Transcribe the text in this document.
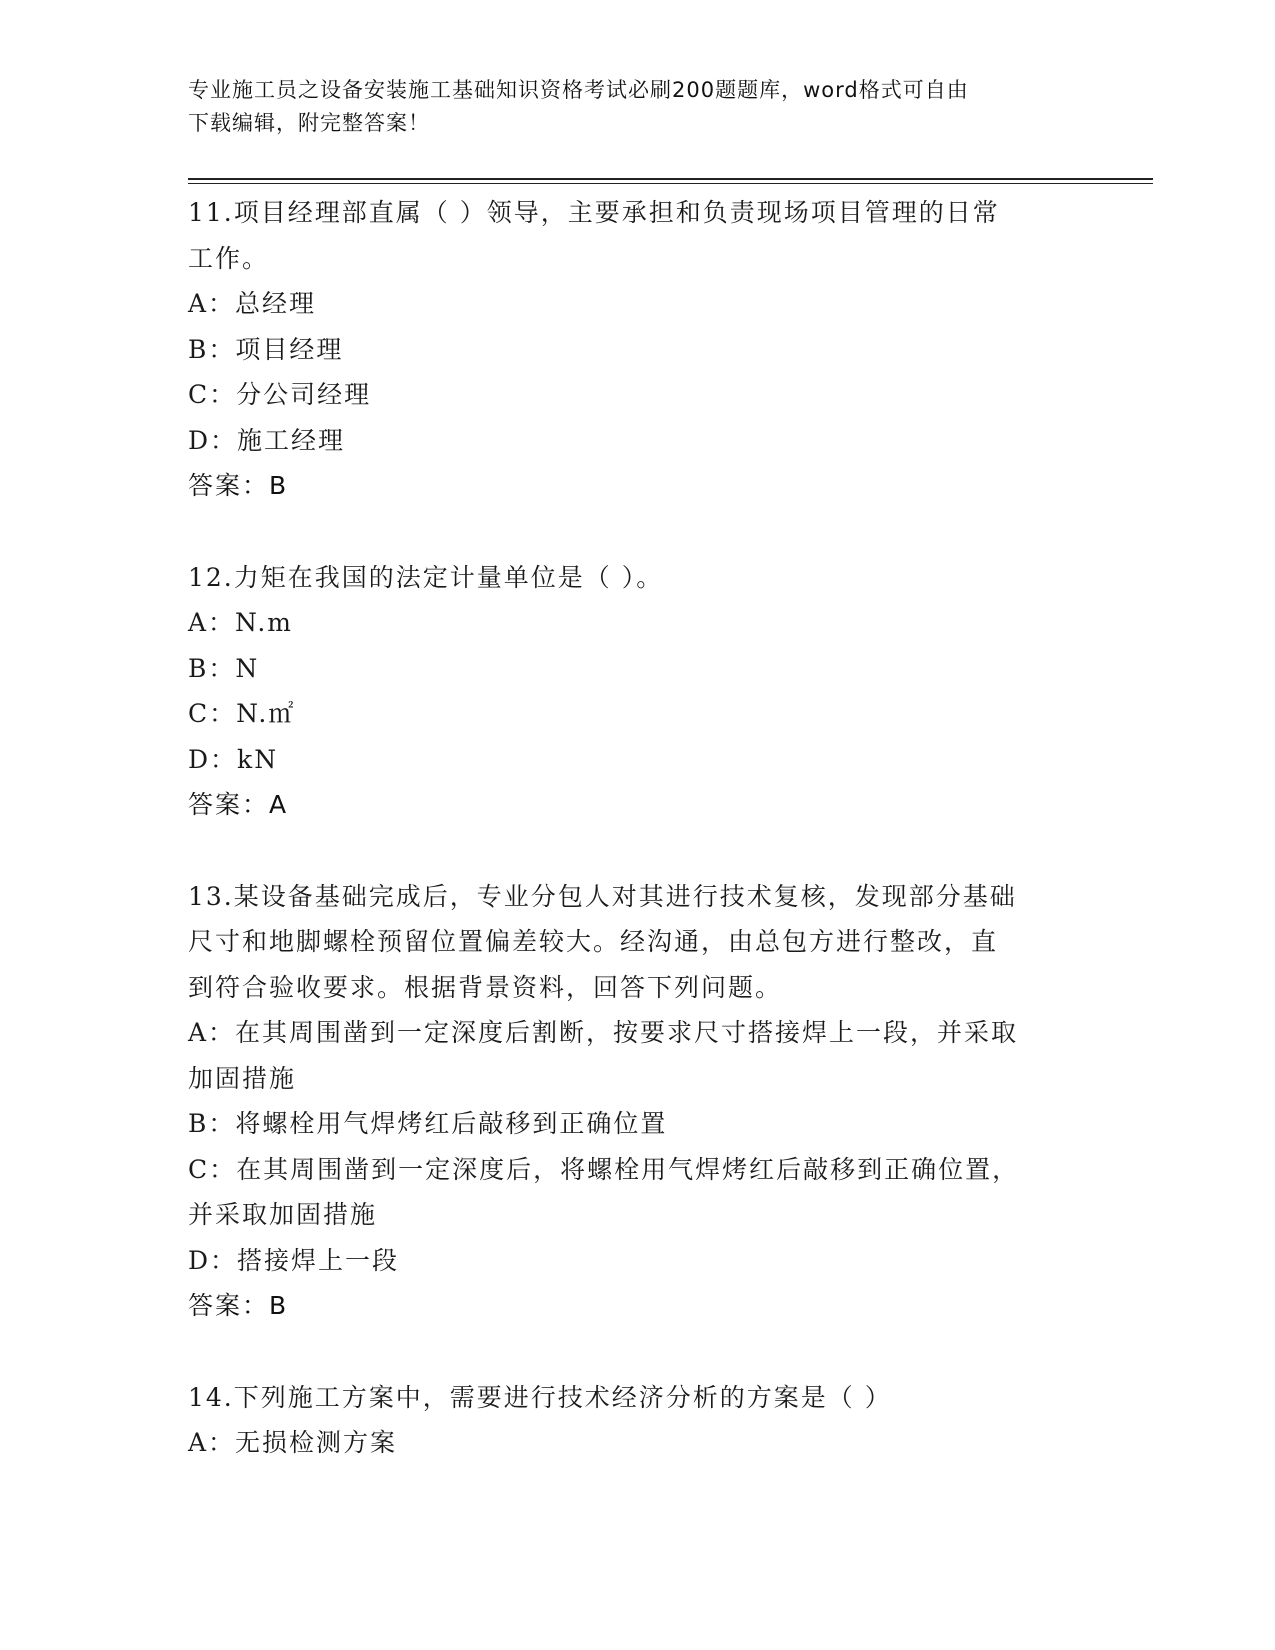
专业施工员之设备安装施工基础知识资格考试必刷200题题库，word格式可自由
下载编辑，附完整答案！
11.项目经理部直属（ ）领导，主要承担和负责现场项目管理的日常
工作。
A：总经理
B：项目经理
C：分公司经理
D：施工经理
答案：B
12.力矩在我国的法定计量单位是（ ）。
A：N.m
B：N
C：N.㎡
D：kN
答案：A
13.某设备基础完成后，专业分包人对其进行技术复核，发现部分基础
尺寸和地脚螺栓预留位置偏差较大。经沟通，由总包方进行整改，直
到符合验收要求。根据背景资料，回答下列问题。
A：在其周围凿到一定深度后割断，按要求尺寸搭接焊上一段，并采取
加固措施
B：将螺栓用气焊烤红后敲移到正确位置
C：在其周围凿到一定深度后，将螺栓用气焊烤红后敲移到正确位置，
并采取加固措施
D：搭接焊上一段
答案：B
14.下列施工方案中，需要进行技术经济分析的方案是（ ）
A：无损检测方案
